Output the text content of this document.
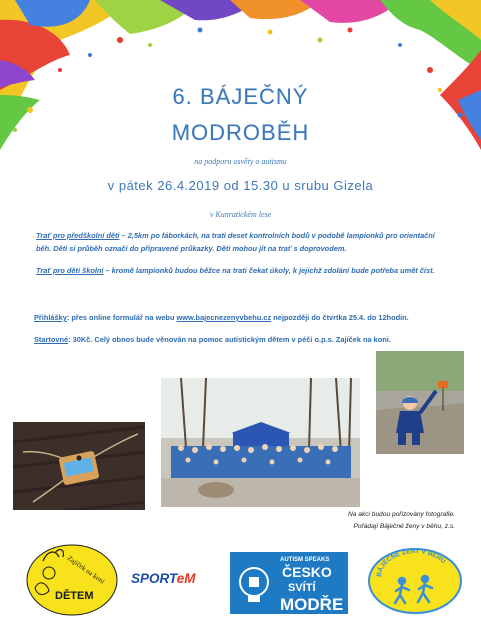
6. BÁJEČNÝ
MODROBĚH
na podporu osvěty o autismu
v pátek 26.4.2019 od 15.30 u srubu Gizela
v Kunratickém lese
Trať pro předškolní děti – 2,5km po fáborkách, na trati deset kontrolních bodů v podobě lampionků pro orientační běh. Děti si průběh označí do připravené průkazky. Děti mohou jít na trať s doprovodem.
Trať pro děti školní – kromě lampionků budou běžce na trati čekat úkoly, k jejichž zdolání bude potřeba umět číst.
Přihlášky: přes online formulář na webu www.bajecnezenyvbehu.cz nejpozději do čtvrtka 25.4. do 12hodin.
Startovné: 30Kč. Celý obnos bude věnován na pomoc autistickým dětem v péči o.p.s. Zajíček na koni.
Na akci budou pořizovány fotografie.
Pořádají Báječné ženy v běhu, z.s.
Zajíček na koni
DĚTEM
SPORTeM
AUTISM SPEAKS
ČESKO
SVÍTÍ
MODŘE
BÁJEČNÉ ŽENY V BĚHU
